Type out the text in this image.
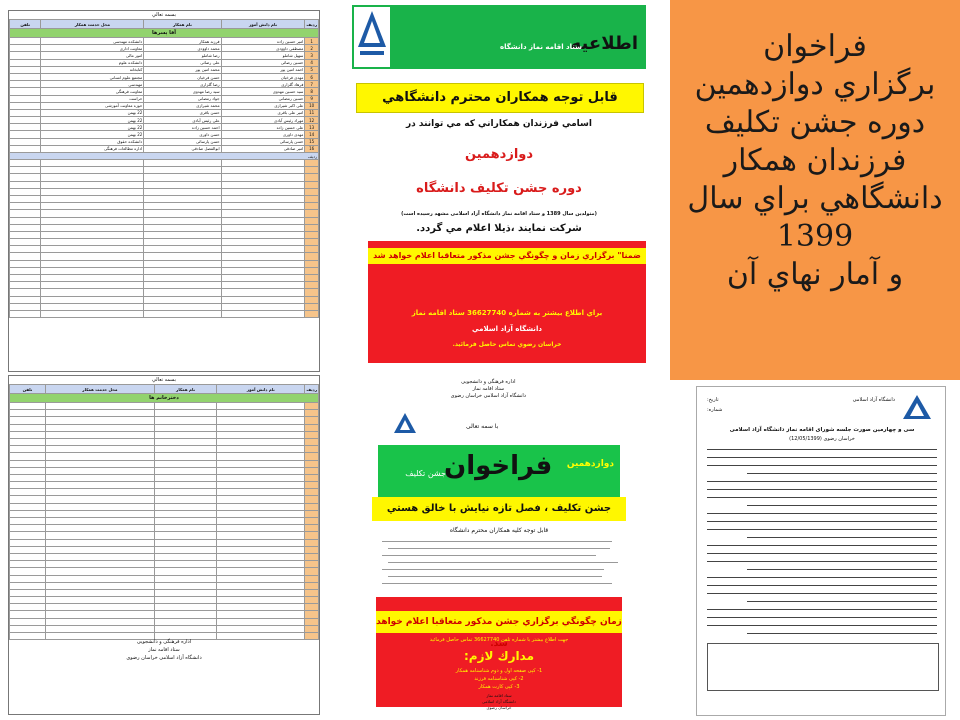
بسمه تعالي
رديف	نام دانش آموز	نام همكار	محل خدمت همكار	تلفن
آقا پسرها				
1	امیر حسین زاده	فرزند همکار	دانشکده مهندسی	
2	مصطفی داوودی	محمد داوودی	معاونت اداری	
3	سهیل شاملو	رضا شاملو	امور مالی	
4	حسین رضائی	علی رضائی	دانشکده علوم	
5	احمد امین پور	محمد امین پور	کتابخانه	
6	مهدی فرخیان	حسن فرخیان	مجتمع علوم انسانی	
7	فرهاد گلزاری	رضا گلزاری	مهندسی	
8	سید حسین مهدوی	سید رضا مهدوی	معاونت فرهنگی	
9	حسین رمضانی	جواد رمضانی	حراست	
10	علی اکبر شیرازی	محمد شیرازی	حوزه معاونت آموزشی	
11	امیر علی باقری	حسن باقری	22 بهمن	
12	مهراد رئیس آبادی	علی رئیس آبادی	22 بهمن	
13	علی حسین زاده	احمد حسین زاده	22 بهمن	
14	مهدی داوری	حسن داوری	22 بهمن	
15	حسن پارسائی	حسن پارسائی	دانشکده حقوق	
16	امیر صادقی	ابوالفضل صادقی	اداره مطالعات فرهنگی	
رديف				

بسمه تعالي
رديف	نام دانش آموز	نام همكار	محل خدمت همكار	تلفن
دخترخانم ها				

اداره فرهنگی و دانشجویی
ستاد اقامه نماز
دانشگاه آزاد اسلامی خراسان رضوی
اطلاعيه
ستاد اقامه نماز دانشگاه
قابل توجه همكاران محترم دانشگاهي
اسامي فرزندان همكاراني كه مي توانند در
دوازدهمين
دوره جشن تكليف دانشگاه
(متولدین سال 1389 و ستاد اقامه نماز دانشگاه آزاد اسلامی مشهد رسیده است)
شركت نمايند ،ذيلا اعلام مي گردد.
ضمنا" برگزاري زمان و چگونگي جشن مذكور متعاقبا اعلام خواهد شد
براي اطلاع بيشتر به شماره 36627740 ستاد اقامه نماز
دانشگاه آزاد اسلامي
خراسان رضوي تماس حاصل فرمائيد.
فراخوان
برگزاري دوازدهمين
دوره جشن تكليف
فرزندان همكار
دانشگاهي براي سال
1399
و آمار نهاي آن
اداره فرهنگی و دانشجویی
ستاد اقامه نماز
دانشگاه آزاد اسلامی خراسان رضوی
با سمه تعالی
فراخوان دوازدهمین
جشن تكليف
جشن تكليف ، فصل تازه نيايش با خالق هستي
قابل توجه کلیه همکاران محترم دانشگاه
زمان چگونگي برگزاري جشن مذكور متعاقبا اعلام خواهد شد.
جهت اطلاع بیشتر با شماره تلفن 36627740 تماس حاصل فرمائید
مدارك لازم:
1- کپی صفحه اول و دوم شناسنامه همکار
2- کپی شناسنامه فرزند
3- کپی کارت همکار
ستاد اقامه نماز
دانشگاه آزاد اسلامی
خراسان رضوی
دانشگاه آزاد اسلامی
تاریخ:
شماره:
سی و چهارمین صورت جلسه شورای اقامه نماز دانشگاه آزاد اسلامی
خراسان رضوی (12/05/1399)
